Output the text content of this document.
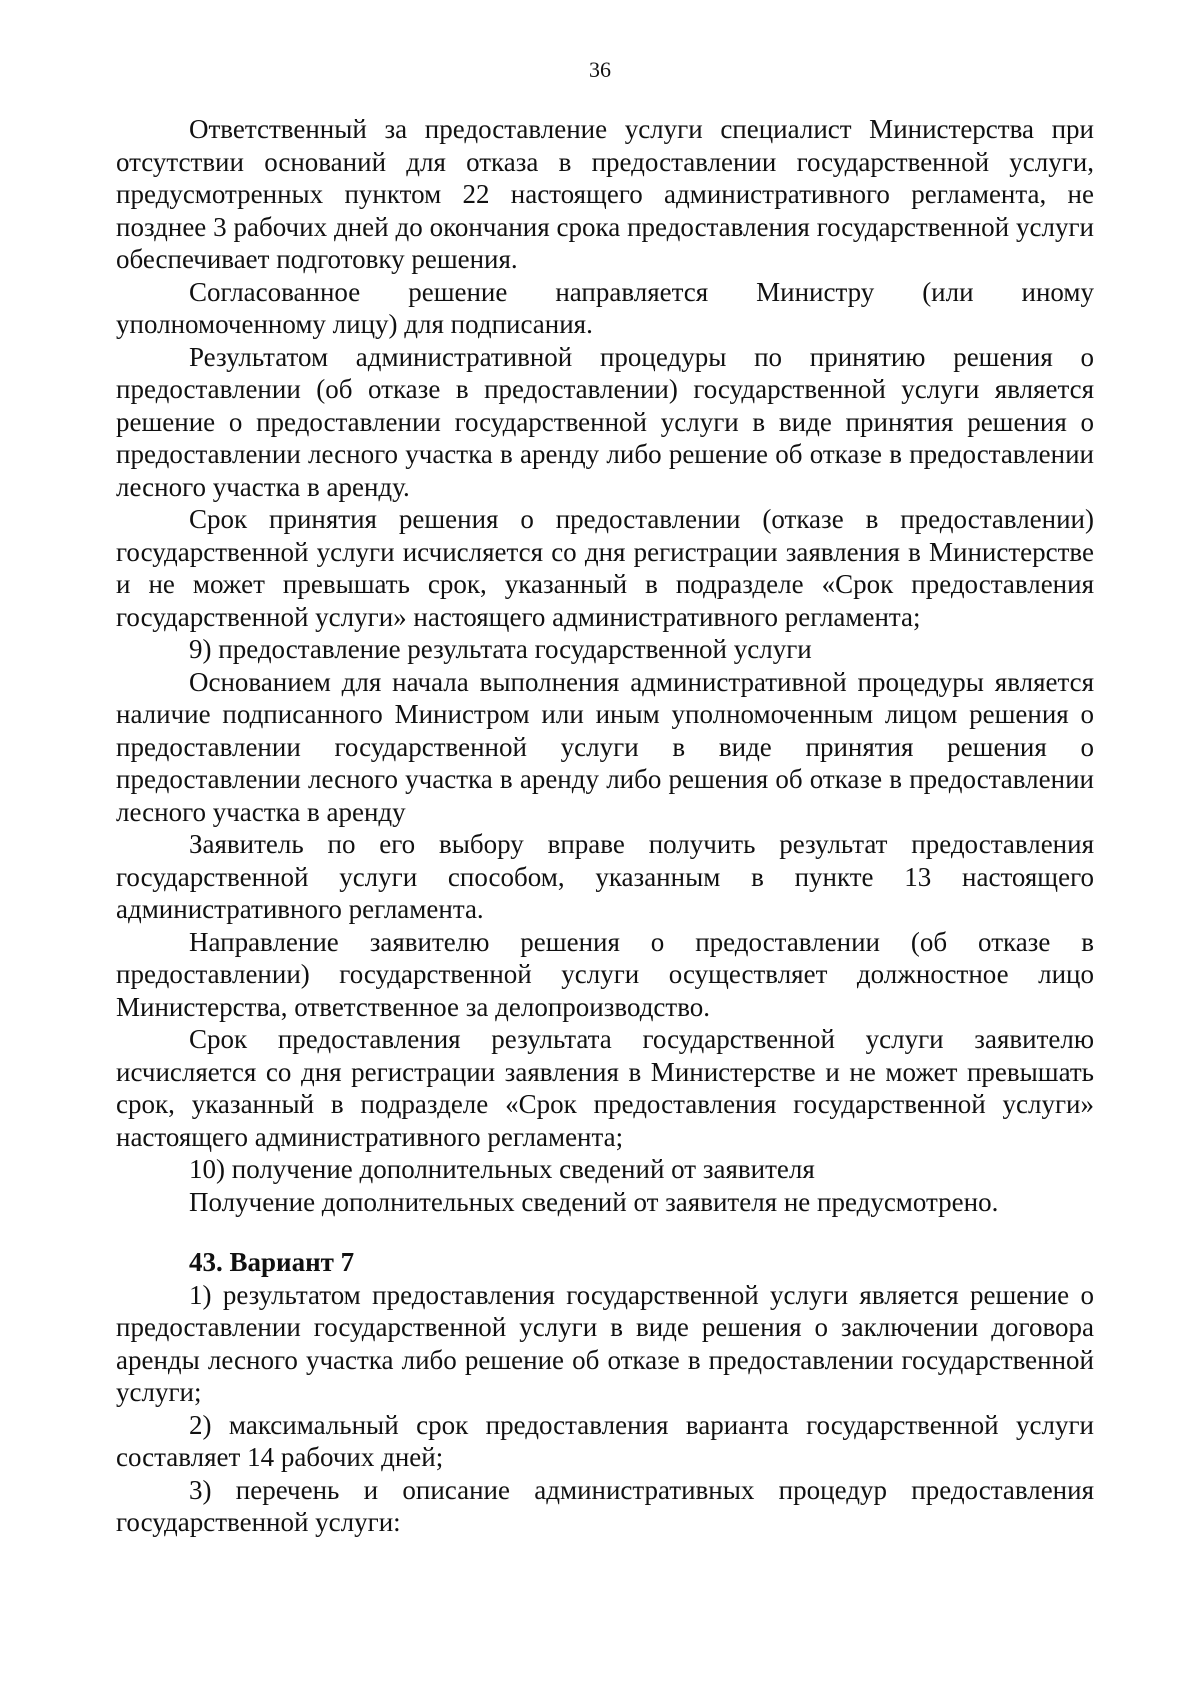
36

Ответственный за предоставление услуги специалист Министерства при отсутствии оснований для отказа в предоставлении государственной услуги, предусмотренных пунктом 22 настоящего административного регламента, не позднее 3 рабочих дней до окончания срока предоставления государственной услуги обеспечивает подготовку решения.

Согласованное решение направляется Министру (или иному уполномоченному лицу) для подписания.

Результатом административной процедуры по принятию решения о предоставлении (об отказе в предоставлении) государственной услуги является решение о предоставлении государственной услуги в виде принятия решения о предоставлении лесного участка в аренду либо решение об отказе в предоставлении лесного участка в аренду.

Срок принятия решения о предоставлении (отказе в предоставлении) государственной услуги исчисляется со дня регистрации заявления в Министерстве и не может превышать срок, указанный в подразделе «Срок предоставления государственной услуги» настоящего административного регламента;

9) предоставление результата государственной услуги

Основанием для начала выполнения административной процедуры является наличие подписанного Министром или иным уполномоченным лицом решения о предоставлении государственной услуги в виде принятия решения о предоставлении лесного участка в аренду либо решения об отказе в предоставлении лесного участка в аренду

Заявитель по его выбору вправе получить результат предоставления государственной услуги способом, указанным в пункте 13 настоящего административного регламента.

Направление заявителю решения о предоставлении (об отказе в предоставлении) государственной услуги осуществляет должностное лицо Министерства, ответственное за делопроизводство.

Срок предоставления результата государственной услуги заявителю исчисляется со дня регистрации заявления в Министерстве и не может превышать срок, указанный в подразделе «Срок предоставления государственной услуги» настоящего административного регламента;

10) получение дополнительных сведений от заявителя

Получение дополнительных сведений от заявителя не предусмотрено.

43. Вариант 7

1) результатом предоставления государственной услуги является решение о предоставлении государственной услуги в виде решения о заключении договора аренды лесного участка либо решение об отказе в предоставлении государственной услуги;

2) максимальный срок предоставления варианта государственной услуги составляет 14 рабочих дней;

3) перечень и описание административных процедур предоставления государственной услуги:
